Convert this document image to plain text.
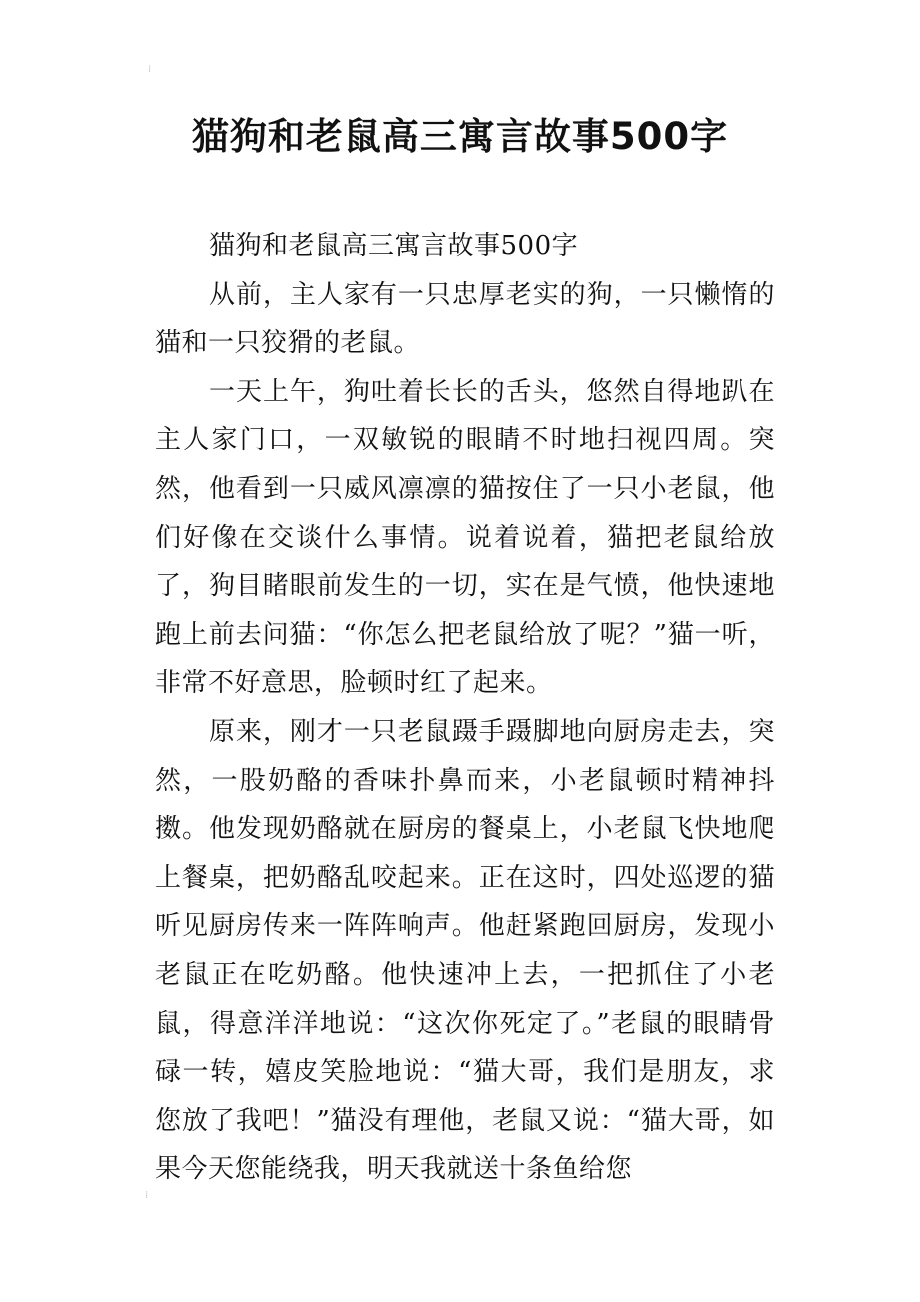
⁞
猫狗和老鼠高三寓言故事500字

猫狗和老鼠高三寓言故事500字

从前，主人家有一只忠厚老实的狗，一只懒惰的猫和一只狡猾的老鼠。

一天上午，狗吐着长长的舌头，悠然自得地趴在主人家门口，一双敏锐的眼睛不时地扫视四周。突然，他看到一只威风凛凛的猫按住了一只小老鼠，他们好像在交谈什么事情。说着说着，猫把老鼠给放了，狗目睹眼前发生的一切，实在是气愤，他快速地跑上前去问猫：“你怎么把老鼠给放了呢？”猫一听，非常不好意思，脸顿时红了起来。

原来，刚才一只老鼠蹑手蹑脚地向厨房走去，突然，一股奶酪的香味扑鼻而来，小老鼠顿时精神抖擞。他发现奶酪就在厨房的餐桌上，小老鼠飞快地爬上餐桌，把奶酪乱咬起来。正在这时，四处巡逻的猫听见厨房传来一阵阵响声。他赶紧跑回厨房，发现小老鼠正在吃奶酪。他快速冲上去，一把抓住了小老鼠，得意洋洋地说：“这次你死定了。”老鼠的眼睛骨碌一转，嬉皮笑脸地说：“猫大哥，我们是朋友，求您放了我吧！”猫没有理他，老鼠又说：“猫大哥，如果今天您能绕我，明天我就送十条鱼给您

⁞
